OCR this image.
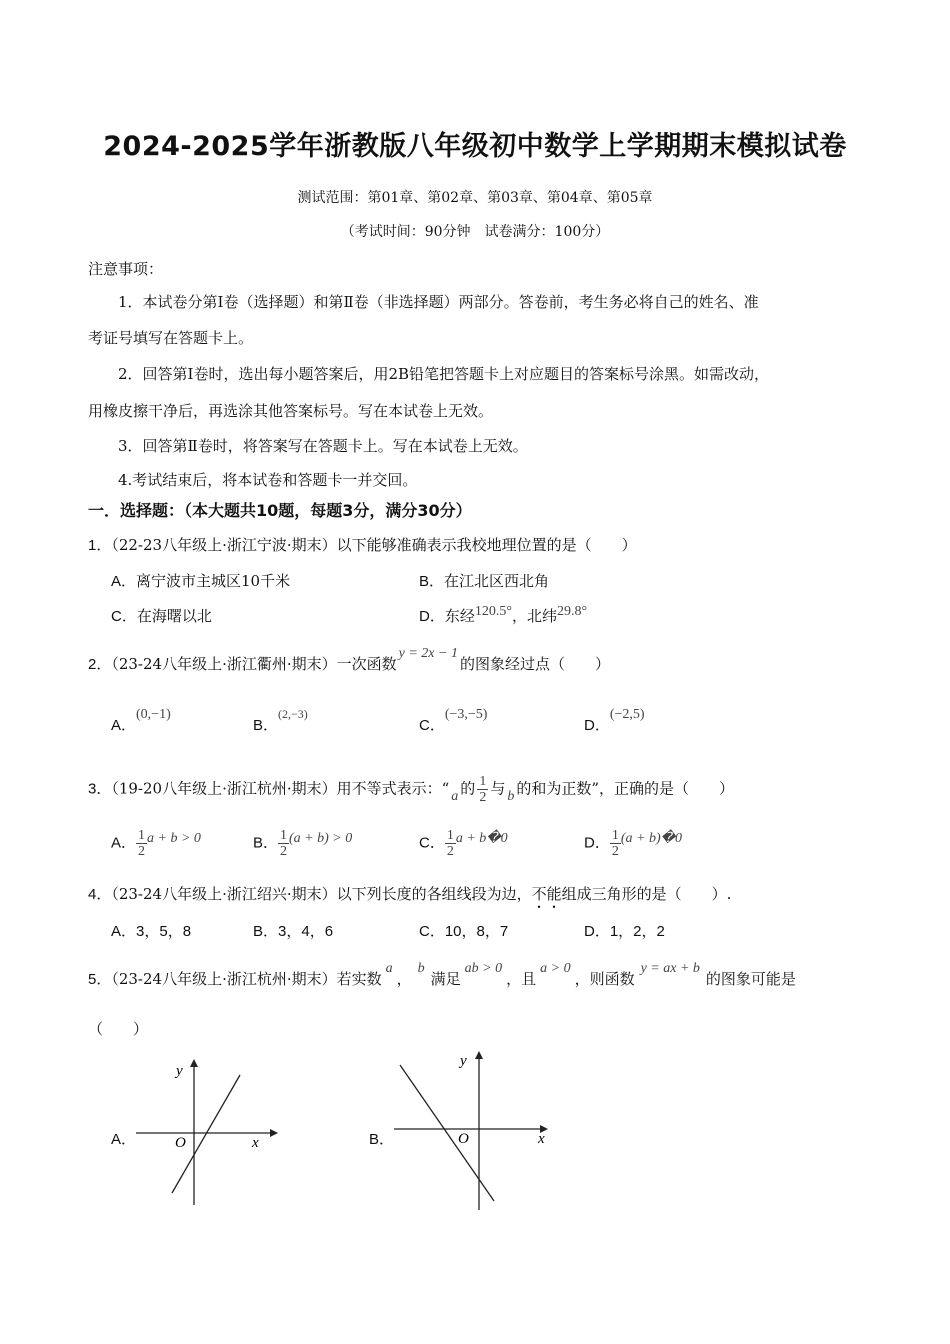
2024-2025学年浙教版八年级初中数学上学期期末模拟试卷
测试范围：第01章、第02章、第03章、第04章、第05章
（考试时间：90分钟　试卷满分：100分）
注意事项：
1．本试卷分第Ⅰ卷（选择题）和第Ⅱ卷（非选择题）两部分。答卷前，考生务必将自己的姓名、准
考证号填写在答题卡上。
2．回答第Ⅰ卷时，选出每小题答案后，用2B铅笔把答题卡上对应题目的答案标号涂黑。如需改动，
用橡皮擦干净后，再选涂其他答案标号。写在本试卷上无效。
3．回答第Ⅱ卷时，将答案写在答题卡上。写在本试卷上无效。
4.考试结束后，将本试卷和答题卡一并交回。
一．选择题：（本大题共10题，每题3分，满分30分）
1．（22-23八年级上·浙江宁波·期末）以下能够准确表示我校地理位置的是（　　）
A．离宁波市主城区10千米	B．在江北区西北角
C．在海曙以北	D．东经120.5°，北纬29.8°
2．（23-24八年级上·浙江衢州·期末）一次函数y = 2x − 1的图象经过点（　　）
A．(0,−1)
B．$^{(2,-3)}$
C．(−3,−5)
D．(−2,5)
3．（19-20八年级上·浙江杭州·期末）用不等式表示：“ a 的 $\frac{1}{2}$ 与 b 的和为正数”，正确的是（　　）
A． $\frac{1}{2}$ a + b > 0	B． $\frac{1}{2} (a + b) > 0$	C． $\frac{1}{2}$ a + b�0	D． $\frac{1}{2} (a$ + b)�0
4．（23-24八年级上·浙江绍兴·期末）以下列长度的各组线段为边，不能组成三角形的是（　　）.
A．3，5，8	B．3，4，6	C．10，8，7	D．1，2，2
5．（23-24八年级上·浙江杭州·期末）若实数a，b满足ab > 0，且a > 0，则函数y = ax + b的图象可能是
（　　）
A．	B．
y
x
O
y
x
O
